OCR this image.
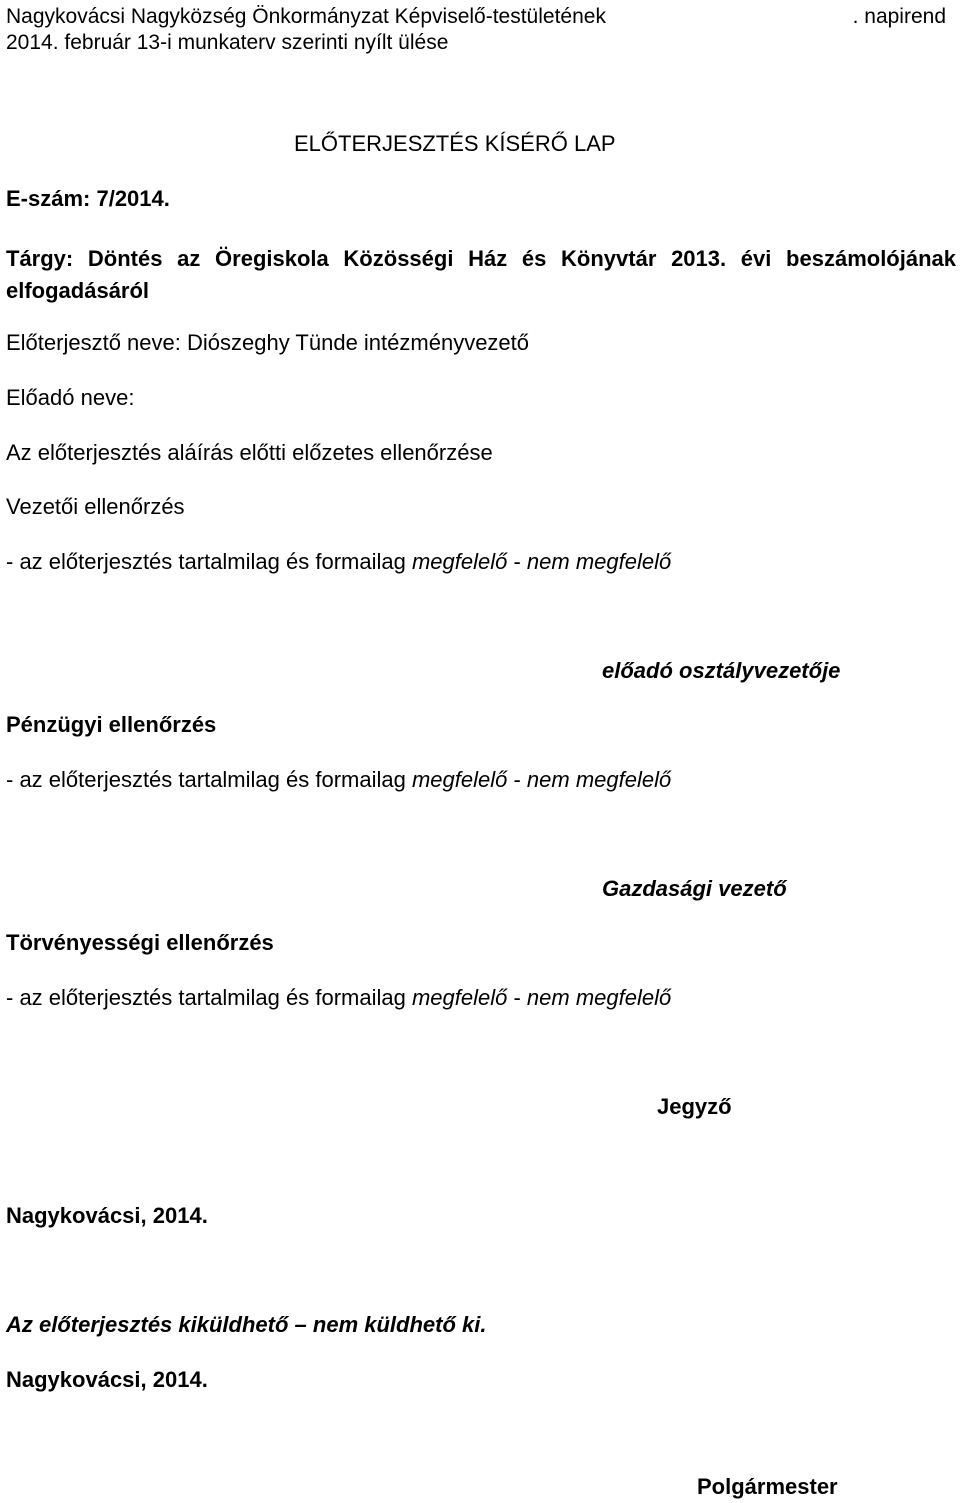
Nagykovácsi Nagyközség Önkormányzat Képviselő-testületének	. napirend
2014. február 13-i munkaterv szerinti nyílt ülése
ELŐTERJESZTÉS KÍSÉRŐ LAP
E-szám: 7/2014.
Tárgy: Döntés az Öregiskola Közösségi Ház és Könyvtár 2013. évi beszámolójának elfogadásáról
Előterjesztő neve: Diószeghy Tünde intézményvezető
Előadó neve:
Az előterjesztés aláírás előtti előzetes ellenőrzése
Vezetői ellenőrzés
- az előterjesztés tartalmilag és formailag megfelelő - nem megfelelő
előadó osztályvezetője
Pénzügyi ellenőrzés
- az előterjesztés tartalmilag és formailag megfelelő - nem megfelelő
Gazdasági vezető
Törvényességi ellenőrzés
- az előterjesztés tartalmilag és formailag megfelelő - nem megfelelő
Jegyző
Nagykovácsi, 2014.
Az előterjesztés kiküldhető – nem küldhető ki.
Nagykovácsi, 2014.
Polgármester
